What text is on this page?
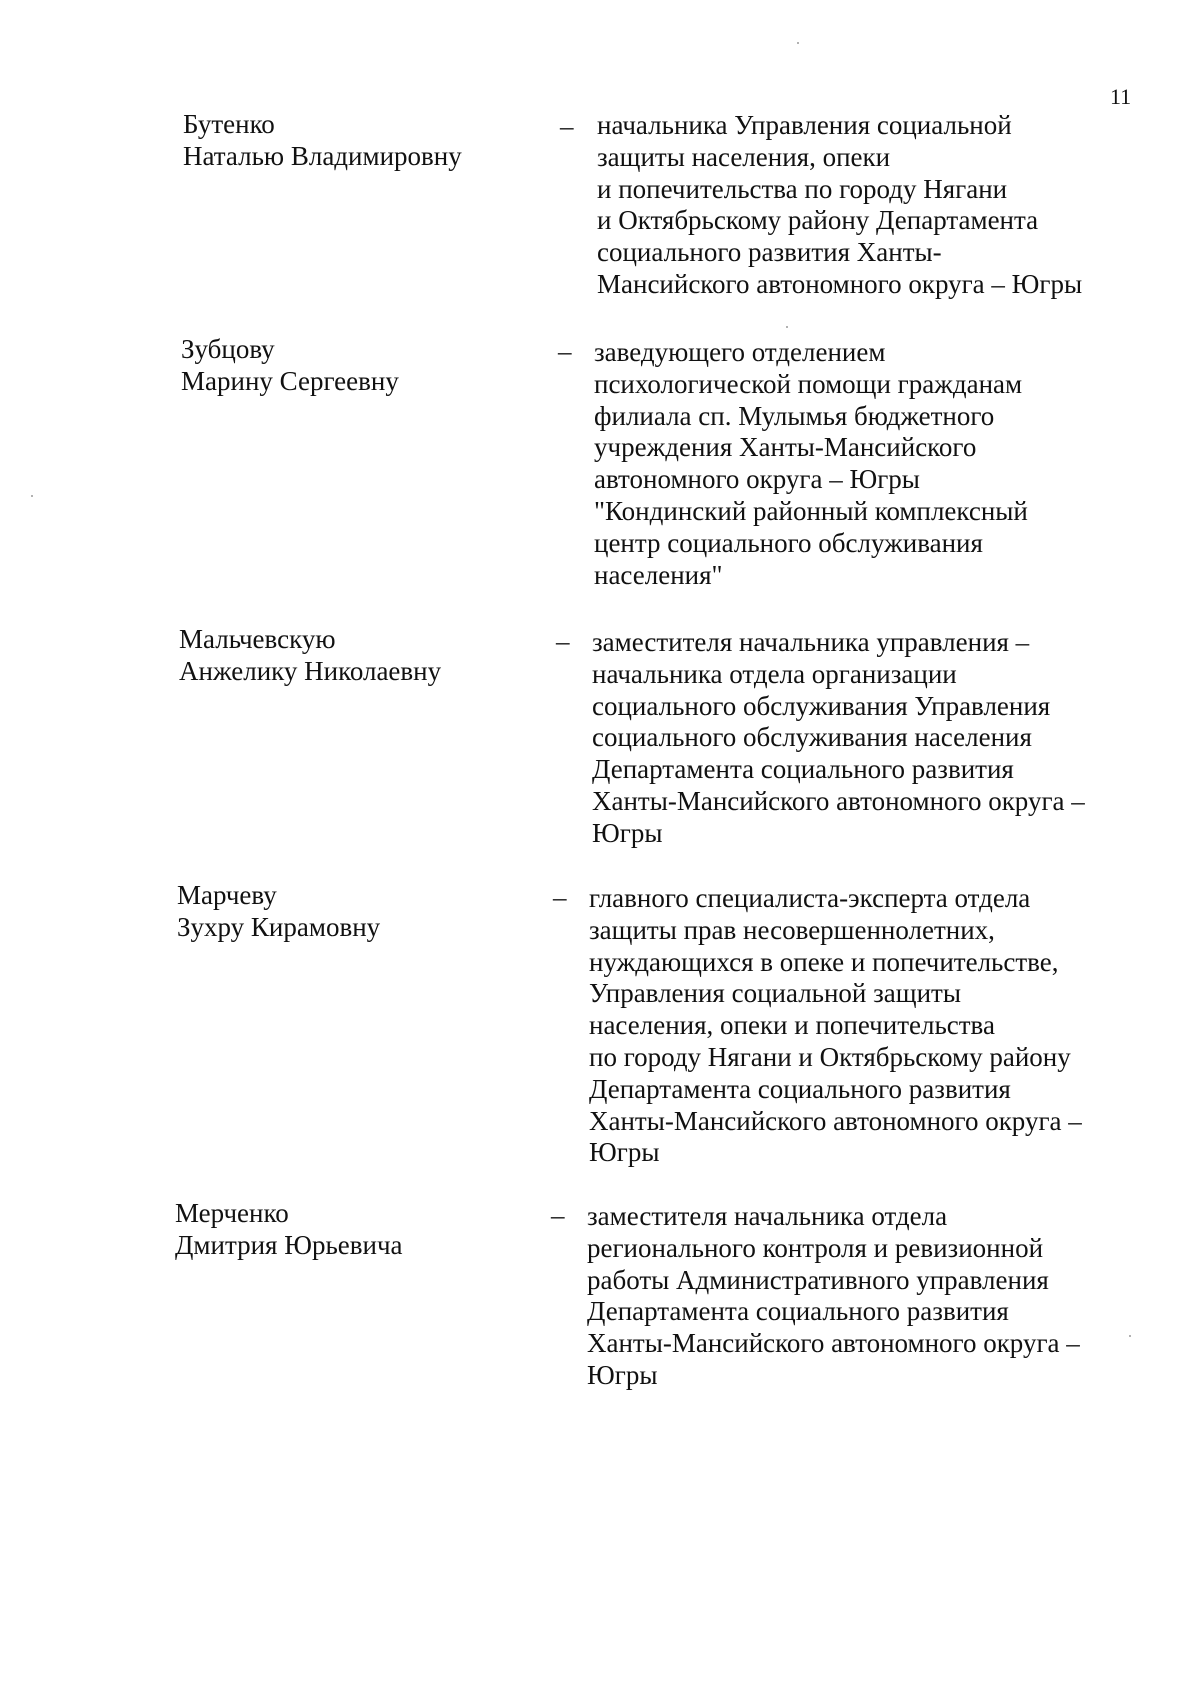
11
Бутенко
Наталью Владимировну
– начальника Управления социальной
защиты населения, опеки
и попечительства по городу Нягани
и Октябрьскому району Департамента
социального развития Ханты-
Мансийского автономного округа – Югры
Зубцову
Марину Сергеевну
– заведующего отделением
психологической помощи гражданам
филиала сп. Мулымья бюджетного
учреждения Ханты-Мансийского
автономного округа – Югры
"Кондинский районный комплексный
центр социального обслуживания
населения"
Мальчевскую
Анжелику Николаевну
– заместителя начальника управления –
начальника отдела организации
социального обслуживания Управления
социального обслуживания населения
Департамента социального развития
Ханты-Мансийского автономного округа –
Югры
Марчеву
Зухру Кирамовну
– главного специалиста-эксперта отдела
защиты прав несовершеннолетних,
нуждающихся в опеке и попечительстве,
Управления социальной защиты
населения, опеки и попечительства
по городу Нягани и Октябрьскому району
Департамента социального развития
Ханты-Мансийского автономного округа –
Югры
Мерченко
Дмитрия Юрьевича
– заместителя начальника отдела
регионального контроля и ревизионной
работы Административного управления
Департамента социального развития
Ханты-Мансийского автономного округа –
Югры
